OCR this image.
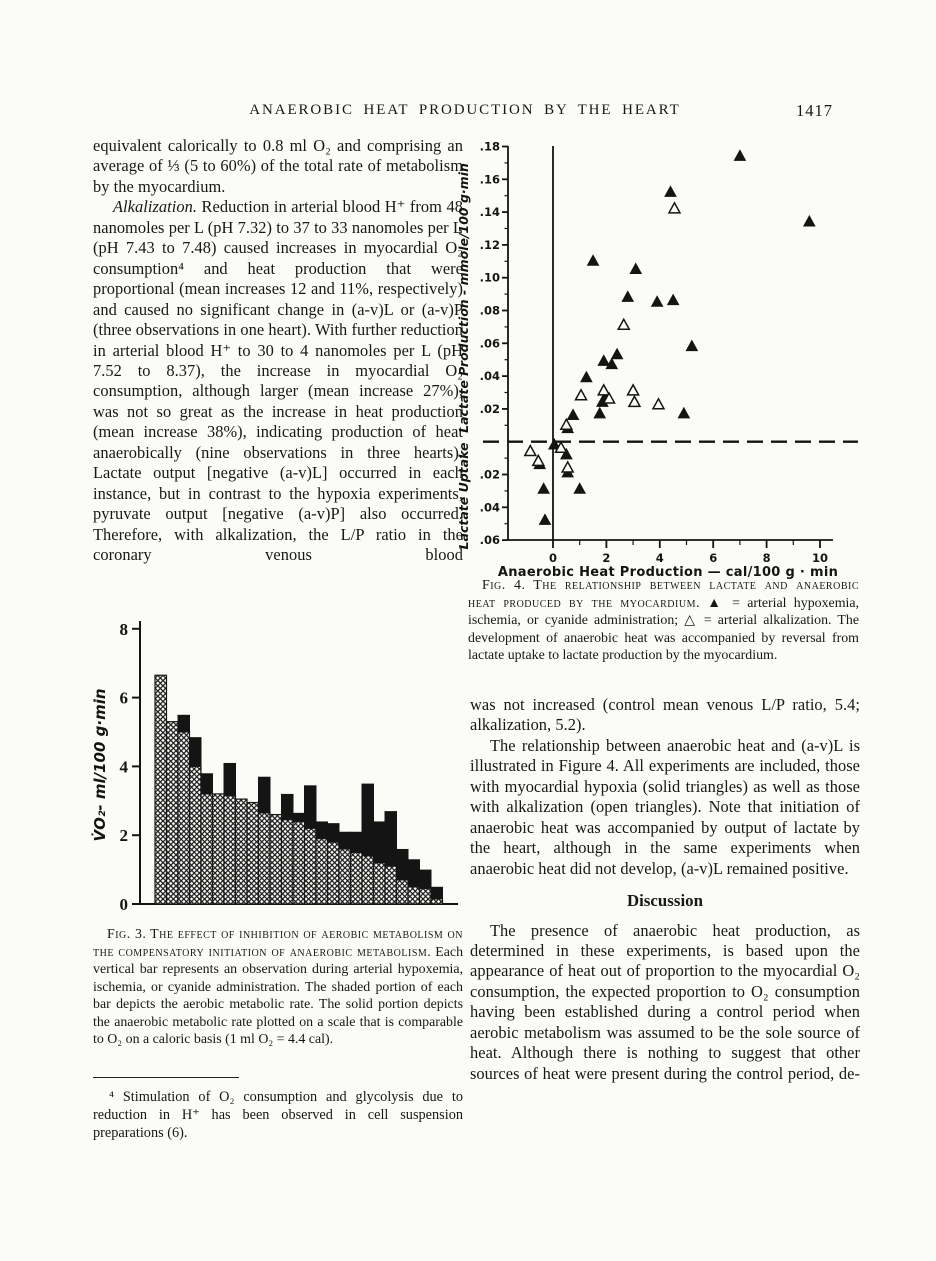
ANAEROBIC HEAT PRODUCTION BY THE HEART	1417

equivalent calorically to 0.8 ml O₂ and comprising an average of ⅓ (5 to 60%) of the total rate of metabolism by the myocardium.

Alkalization. Reduction in arterial blood H⁺ from 48 nanomoles per L (pH 7.32) to 37 to 33 nanomoles per L (pH 7.43 to 7.48) caused increases in myocardial O₂ consumption⁴ and heat production that were proportional (mean increases 12 and 11%, respectively) and caused no significant change in (a-v)L or (a-v)P (three observations in one heart). With further reduction in arterial blood H⁺ to 30 to 4 nanomoles per L (pH 7.52 to 8.37), the increase in myocardial O₂ consumption, although larger (mean increase 27%), was not so great as the increase in heat production (mean increase 38%), indicating production of heat anaerobically (nine observations in three hearts). Lactate output [negative (a-v)L] occurred in each instance, but in contrast to the hypoxia experiments, pyruvate output [negative (a-v)P] also occurred. Therefore, with alkalization, the L/P ratio in the coronary venous blood

.06
.04
.02
.02
.04
.06
.08
.10
.12
.14
.16
.18
0	2	4	6	8	10
Lactate Production - mmole/100 g·min
Lactate Uptake
Anaerobic Heat Production — cal/100 g · min

Fig. 4. The relationship between lactate and anaerobic heat produced by the myocardium. ▲ = arterial hypoxemia, ischemia, or cyanide administration; △ = arterial alkalization. The development of anaerobic heat was accompanied by reversal from lactate uptake to lactate production by the myocardium.

was not increased (control mean venous L/P ratio, 5.4; alkalization, 5.2).

The relationship between anaerobic heat and (a-v)L is illustrated in Figure 4. All experiments are included, those with myocardial hypoxia (solid triangles) as well as those with alkalization (open triangles). Note that initiation of anaerobic heat was accompanied by output of lactate by the heart, although in the same experiments when anaerobic heat did not develop, (a-v)L remained positive.

Discussion

The presence of anaerobic heat production, as determined in these experiments, is based upon the appearance of heat out of proportion to the myocardial O₂ consumption, the expected proportion to O₂ consumption having been established during a control period when aerobic metabolism was assumed to be the sole source of heat. Although there is nothing to suggest that other sources of heat were present during the control period, de-

0
2
4
6
8
V̇O₂- ml/100 g·min

Fig. 3. The effect of inhibition of aerobic metabolism on the compensatory initiation of anaerobic metabolism. Each vertical bar represents an observation during arterial hypoxemia, ischemia, or cyanide administration. The shaded portion of each bar depicts the aerobic metabolic rate. The solid portion depicts the anaerobic metabolic rate plotted on a scale that is comparable to O₂ on a caloric basis (1 ml O₂ = 4.4 cal).

⁴ Stimulation of O₂ consumption and glycolysis due to reduction in H⁺ has been observed in cell suspension preparations (6).
